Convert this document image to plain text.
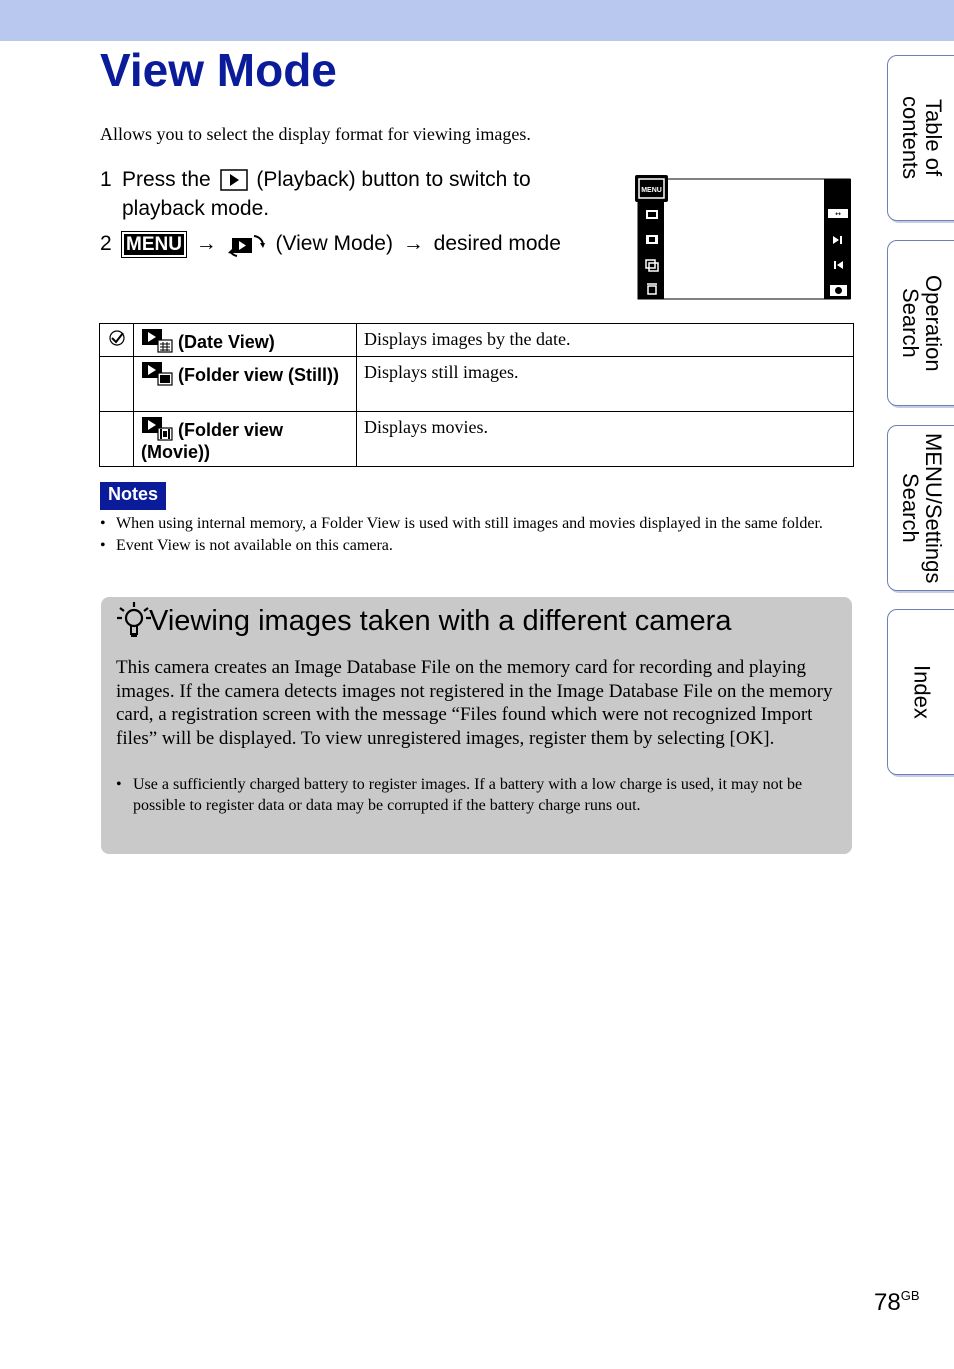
View Mode
Allows you to select the display format for viewing images.
1 Press the (Playback) button to switch to playback mode.
2 MENU →	(View Mode) → desired mode
MENU
↔
	(Date View)	Displays images by the date.
	(Folder view (Still))	Displays still images.
	(Folder view (Movie))	Displays movies.
Notes
• When using internal memory, a Folder View is used with still images and movies displayed in the same folder.
• Event View is not available on this camera.
Viewing images taken with a different camera
This camera creates an Image Database File on the memory card for recording and playing images. If the camera detects images not registered in the Image Database File on the memory card, a registration screen with the message “Files found which were not recognized Import files” will be displayed. To view unregistered images, register them by selecting [OK].
• Use a sufficiently charged battery to register images. If a battery with a low charge is used, it may not be possible to register data or data may be corrupted if the battery charge runs out.
Table of
contents
Operation
Search
MENU/Settings
Search
Index
$78^{GB}$
